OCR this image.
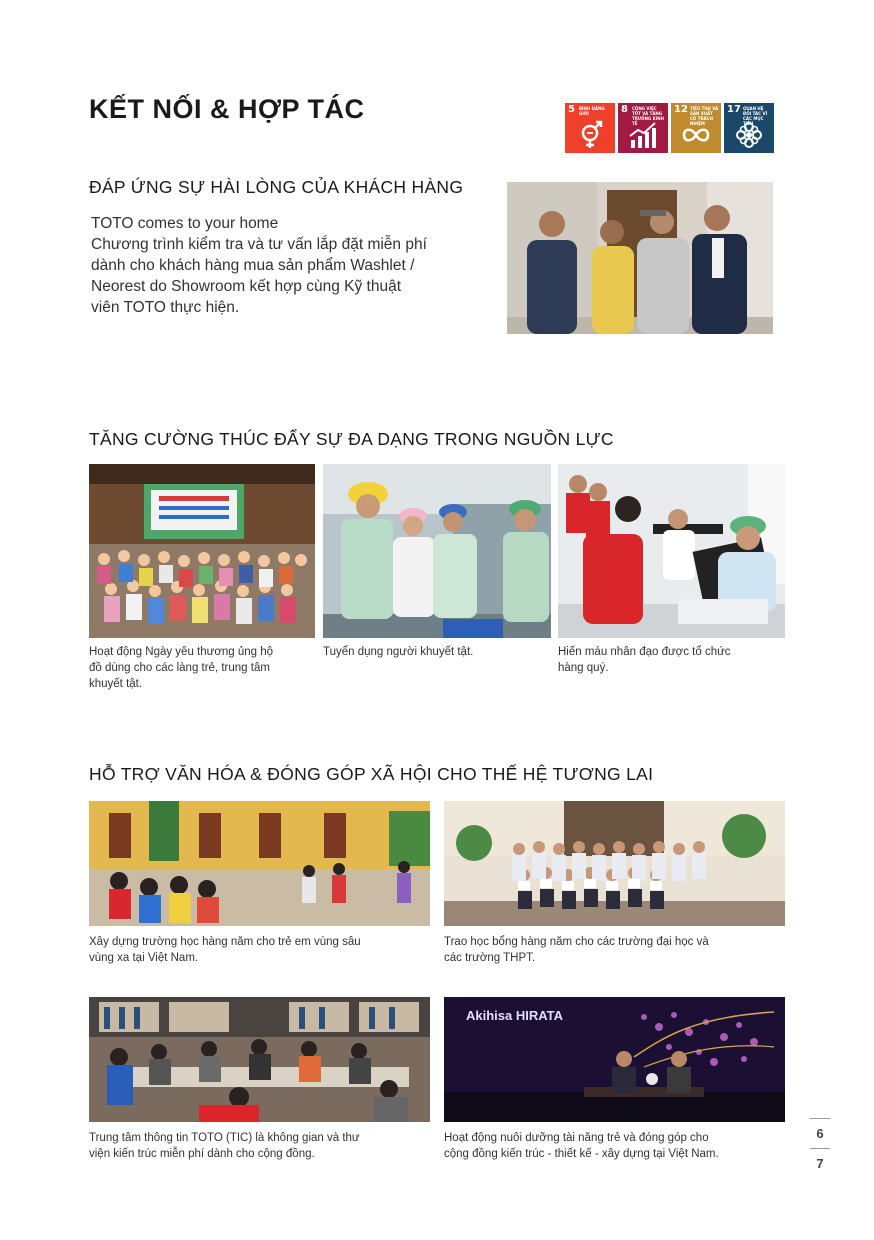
KẾT NỐI & HỢP TÁC	5 BÌNH ĐẲNG GIỚI	8 CÔNG VIỆC TỐT VÀ TĂNG TRƯỞNG KINH TẾ
12 TIÊU THỤ VÀ SẢN XUẤT CÓ TRÁCH NHIỆM
17 QUAN HỆ ĐỐI TÁC VÌ CÁC MỤC TIÊU
ĐÁP ỨNG SỰ HÀI LÒNG CỦA KHÁCH HÀNG

TOTO comes to your home
Chương trình kiểm tra và tư vấn lắp đặt miễn phí
dành cho khách hàng mua sản phẩm Washlet /
Neorest do Showroom kết hợp cùng Kỹ thuật
viên TOTO thực hiện.

TĂNG CƯỜNG THÚC ĐẨY SỰ ĐA DẠNG TRONG NGUỒN LỰC

Hoạt động Ngày yêu thương ủng hộ
đồ dùng cho các làng trẻ, trung tâm
khuyết tật.

Tuyển dụng người khuyết tật.	Hiến máu nhân đạo được tổ chức
hàng quý.

HỖ TRỢ VĂN HÓA & ĐÓNG GÓP XÃ HỘI CHO THẾ HỆ TƯƠNG LAI

Xây dựng trường học hàng năm cho trẻ em vùng sâu
vùng xa tại Việt Nam.

Trao học bổng hàng năm cho các trường đại học và
các trường THPT.

Akihisa HIRATA

Trung tâm thông tin TOTO (TIC) là không gian và thư
viện kiến trúc miễn phí dành cho cộng đồng.

Hoạt động nuôi dưỡng tài năng trẻ và đóng góp cho
cộng đồng kiến trúc - thiết kế - xây dựng tại Việt Nam.

6
7
